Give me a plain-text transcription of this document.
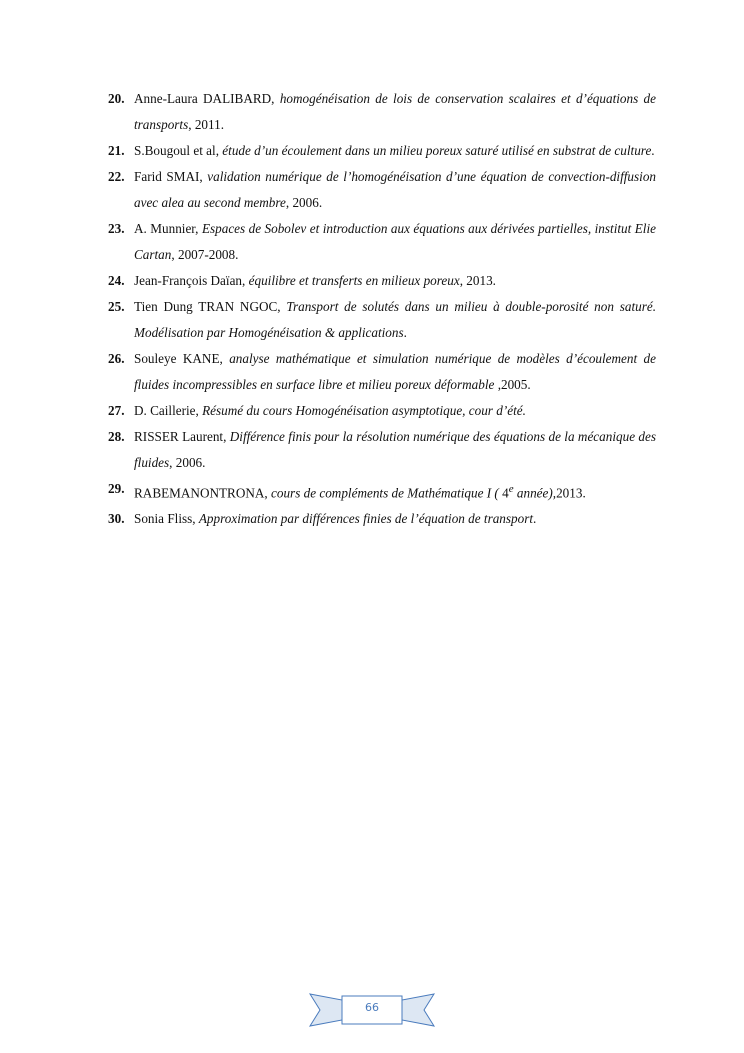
20. Anne-Laura DALIBARD, homogénéisation de lois de conservation scalaires et d’équations de transports, 2011.
21. S.Bougoul et al, étude d’un écoulement dans un milieu poreux saturé utilisé en substrat de culture.
22. Farid SMAI, validation numérique de l’homogénéisation d’une équation de convection-diffusion avec alea au second membre, 2006.
23. A. Munnier, Espaces de Sobolev et introduction aux équations aux dérivées partielles, institut Elie Cartan, 2007-2008.
24. Jean-François Daïan, équilibre et transferts en milieux poreux, 2013.
25. Tien Dung TRAN NGOC, Transport de solutés dans un milieu à double-porosité non saturé. Modélisation par Homogénéisation & applications.
26. Souleye KANE, analyse mathématique et simulation numérique de modèles d’écoulement de fluides incompressibles en surface libre et milieu poreux déformable ,2005.
27. D. Caillerie, Résumé du cours Homogénéisation asymptotique, cour d’été.
28. RISSER Laurent, Différence finis pour la résolution numérique des équations de la mécanique des fluides, 2006.
29. RABEMANONTRONA, cours de compléments de Mathématique I ( 4e année),2013.
30. Sonia Fliss, Approximation par différences finies de l’équation de transport.
66
